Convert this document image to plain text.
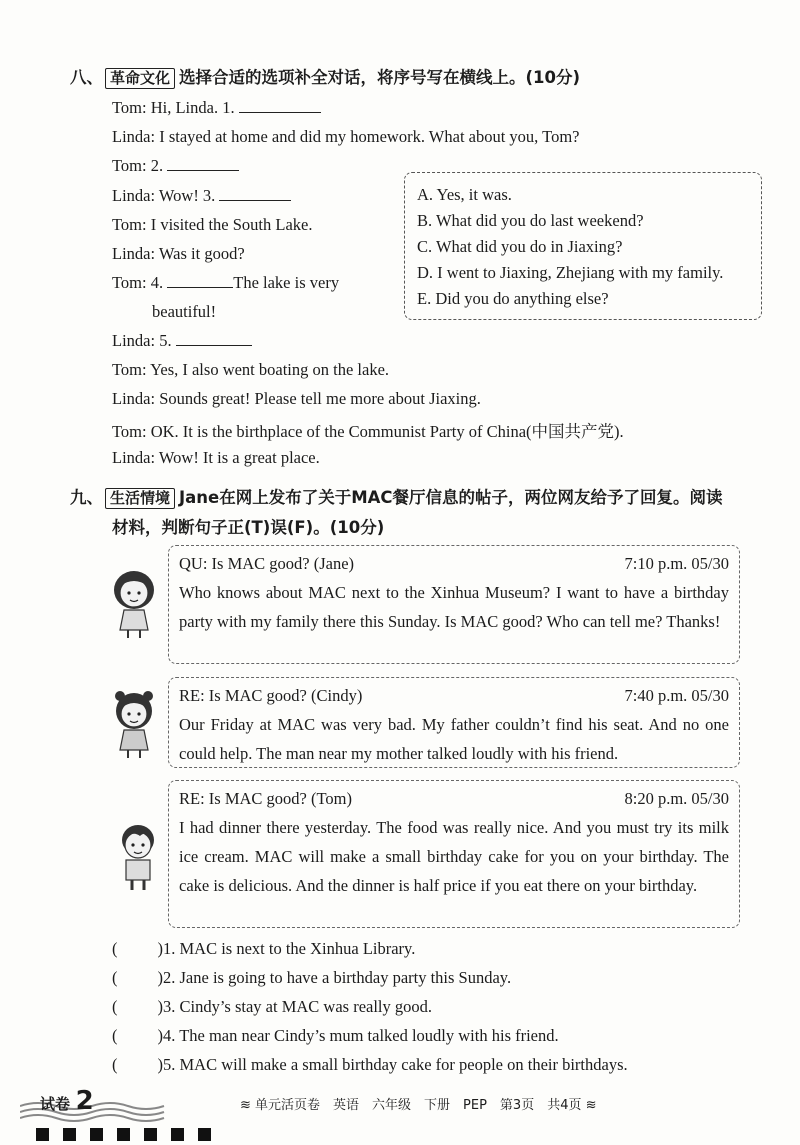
八、 革命文化 选择合适的选项补全对话，将序号写在横线上。(10分)
Tom: Hi, Linda. 1.
Linda: I stayed at home and did my homework. What about you, Tom?
Tom: 2.
Linda: Wow! 3.
Tom: I visited the South Lake.
Linda: Was it good?
Tom: 4.	The lake is very
beautiful!
Linda: 5.
Tom: Yes, I also went boating on the lake.
Linda: Sounds great! Please tell me more about Jiaxing.
Tom: OK. It is the birthplace of the Communist Party of China(中国共产党).
Linda: Wow! It is a great place.
A. Yes, it was.
B. What did you do last weekend?
C. What did you do in Jiaxing?
D. I went to Jiaxing, Zhejiang with my family.
E. Did you do anything else?
九、 生活情境 Jane在网上发布了关于MAC餐厅信息的帖子，两位网友给予了回复。阅读
材料，判断句子正(T)误(F)。(10分)
QU: Is MAC good? (Jane)	7:10 p.m. 05/30
Who knows about MAC next to the Xinhua Museum? I want to have a birthday party with my family there this Sunday. Is MAC good? Who can tell me? Thanks!
RE: Is MAC good? (Cindy)	7:40 p.m. 05/30
Our Friday at MAC was very bad. My father couldn’t find his seat. And no one could help. The man near my mother talked loudly with his friend.
RE: Is MAC good? (Tom)	8:20 p.m. 05/30
I had dinner there yesterday. The food was really nice. And you must try its milk ice cream. MAC will make a small birthday cake for you on your birthday. The cake is delicious. And the dinner is half price if you eat there on your birthday.
( )1. MAC is next to the Xinhua Library.
( )2. Jane is going to have a birthday party this Sunday.
( )3. Cindy’s stay at MAC was really good.
( )4. The man near Cindy’s mum talked loudly with his friend.
( )5. MAC will make a small birthday cake for people on their birthdays.
试卷 2	≋ 单元活页卷　英语　六年级　下册　PEP　第3页　共4页 ≋
